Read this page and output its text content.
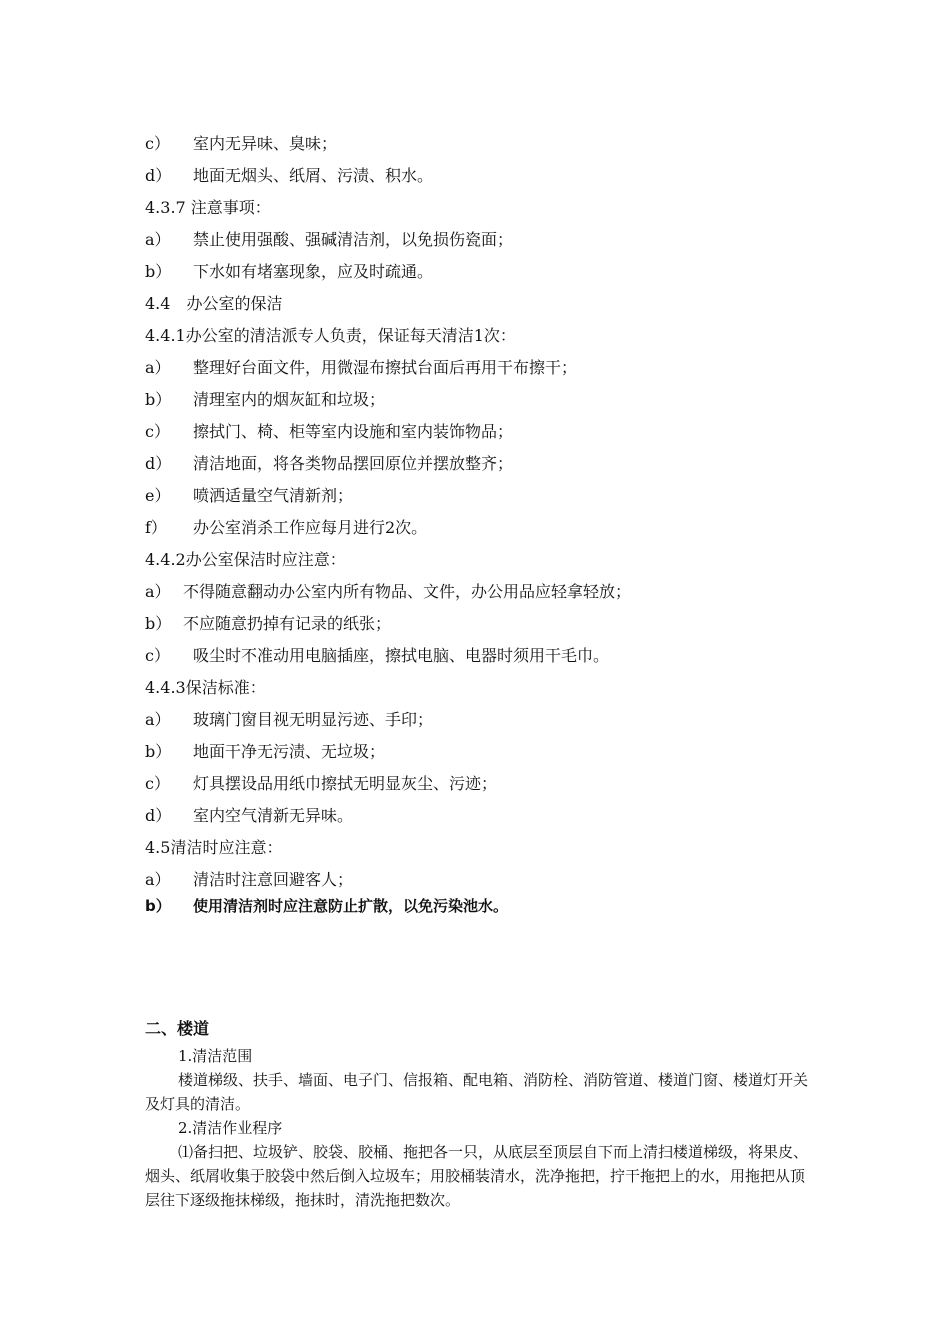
c） 室内无异味、臭味；
d） 地面无烟头、纸屑、污渍、积水。
4.3.7 注意事项：
a） 禁止使用强酸、强碱清洁剂，以免损伤瓷面；
b） 下水如有堵塞现象，应及时疏通。
4.4　办公室的保洁
4.4.1办公室的清洁派专人负责，保证每天清洁1次：
a） 整理好台面文件，用微湿布擦拭台面后再用干布擦干；
b） 清理室内的烟灰缸和垃圾；
c） 擦拭门、椅、柜等室内设施和室内装饰物品；
d） 清洁地面，将各类物品摆回原位并摆放整齐；
e） 喷洒适量空气清新剂；
f） 办公室消杀工作应每月进行2次。
4.4.2办公室保洁时应注意：
a） 不得随意翻动办公室内所有物品、文件，办公用品应轻拿轻放；
b） 不应随意扔掉有记录的纸张；
c） 吸尘时不准动用电脑插座，擦拭电脑、电器时须用干毛巾。
4.4.3保洁标准：
a） 玻璃门窗目视无明显污迹、手印；
b） 地面干净无污渍、无垃圾；
c） 灯具摆设品用纸巾擦拭无明显灰尘、污迹；
d） 室内空气清新无异味。
4.5清洁时应注意：
a） 清洁时注意回避客人；
b） 使用清洁剂时应注意防止扩散，以免污染池水。
二、楼道
1.清洁范围
楼道梯级、扶手、墙面、电子门、信报箱、配电箱、消防栓、消防管道、楼道门窗、楼道灯开关及灯具的清洁。
2.清洁作业程序
⑴备扫把、垃圾铲、胶袋、胶桶、拖把各一只，从底层至顶层自下而上清扫楼道梯级，将果皮、烟头、纸屑收集于胶袋中然后倒入垃圾车；用胶桶装清水，洗净拖把，拧干拖把上的水，用拖把从顶层往下逐级拖抹梯级，拖抹时，清洗拖把数次。
